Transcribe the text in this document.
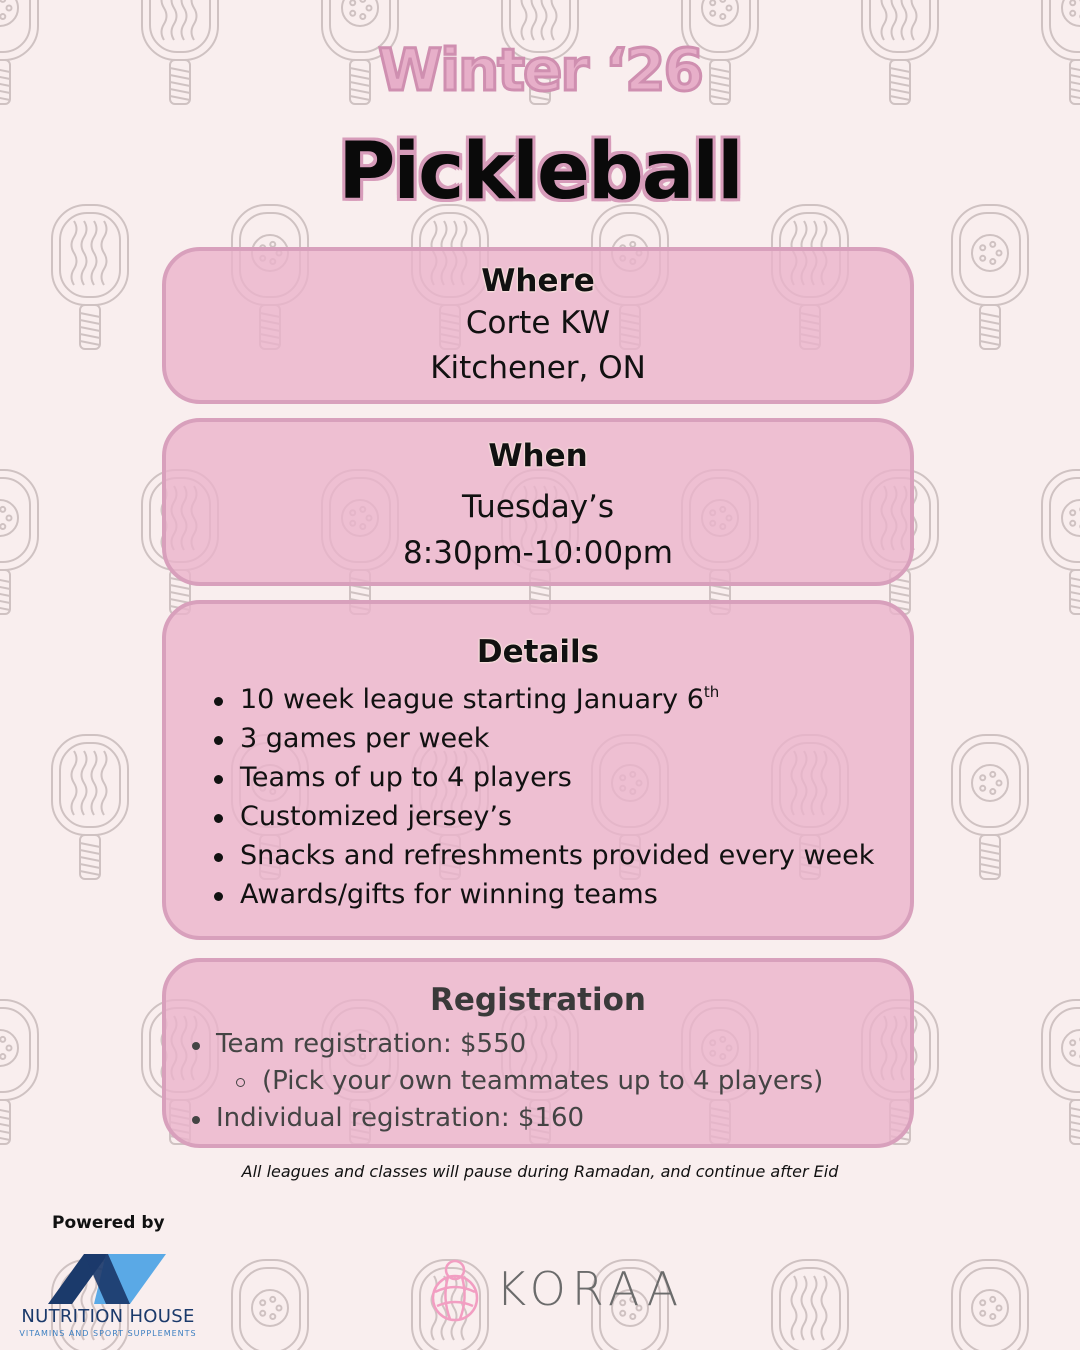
Winter ‘26
Pickleball
Where
Corte KW
Kitchener, ON
When
Tuesday’s
8:30pm-10:00pm
Details
10 week league starting January 6th
3 games per week
Teams of up to 4 players
Customized jersey’s
Snacks and refreshments provided every week
Awards/gifts for winning teams
Registration
Team registration: $550
(Pick your own teammates up to 4 players)
Individual registration: $160
All leagues and classes will pause during Ramadan, and continue after Eid
Powered by
NUTRITION HOUSE
VITAMINS AND SPORT SUPPLEMENTS
KORAA
